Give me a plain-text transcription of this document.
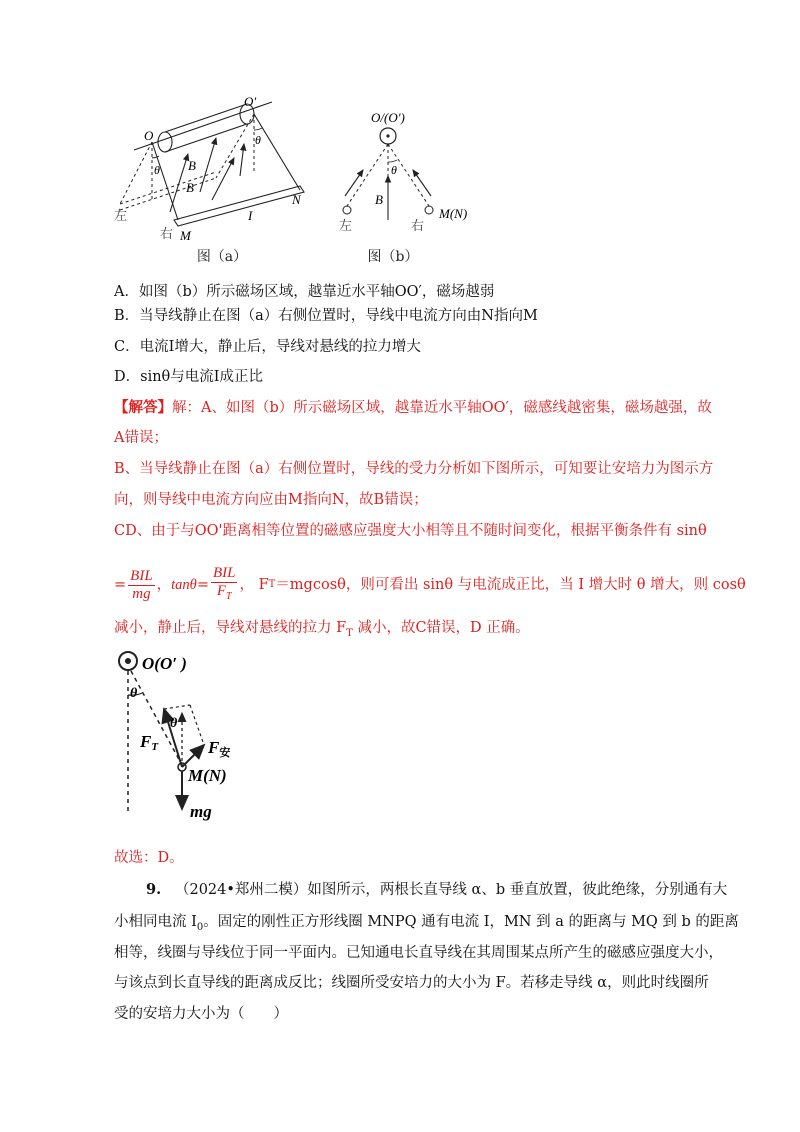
O
O′
θ
θ
B
B
I
N
M
左
右
图（a）
O/(O′)
θ
B
左	右
M(N)
图（b）
A．如图（b）所示磁场区域，越靠近水平轴OO′，磁场越弱
B．当导线静止在图（a）右侧位置时，导线中电流方向由N指向M
C．电流I增大，静止后，导线对悬线的拉力增大
D．sinθ与电流I成正比
【解答】解：A、如图（b）所示磁场区域，越靠近水平轴OO′，磁感线越密集，磁场越强，故
A错误；
B、当导线静止在图（a）右侧位置时，导线的受力分析如下图所示，可知要让安培力为图示方
向，则导线中电流方向应由M指向N，故B错误；
CD、由于与OO'距离相等位置的磁感应强度大小相等且不随时间变化，根据平衡条件有 sinθ
= $\frac{\text{BIL}}{mg}$ ， $\tan\theta = \frac{\text{BIL}}{F_T}$ ， F T ＝mgcosθ，则可看出 sinθ 与电流成正比，当 I 增大时 θ 增大，则 cosθ
减小，静止后，导线对悬线的拉力 $F_T$ 减小，故C错误，D 正确。
O(O′ )
θ
θ
FT	F安
M(N)
mg
故选：D。
9. （2024•郑州二模）如图所示，两根长直导线 α、b 垂直放置，彼此绝缘，分别通有大
小相同电流 $I_0$。固定的刚性正方形线圈 MNPQ 通有电流 I，MN 到 a 的距离与 MQ 到 b 的距离
相等，线圈与导线位于同一平面内。已知通电长直导线在其周围某点所产生的磁感应强度大小，
与该点到长直导线的距离成反比；线圈所受安培力的大小为 F。若移走导线 α，则此时线圈所
受的安培力大小为（　　）
